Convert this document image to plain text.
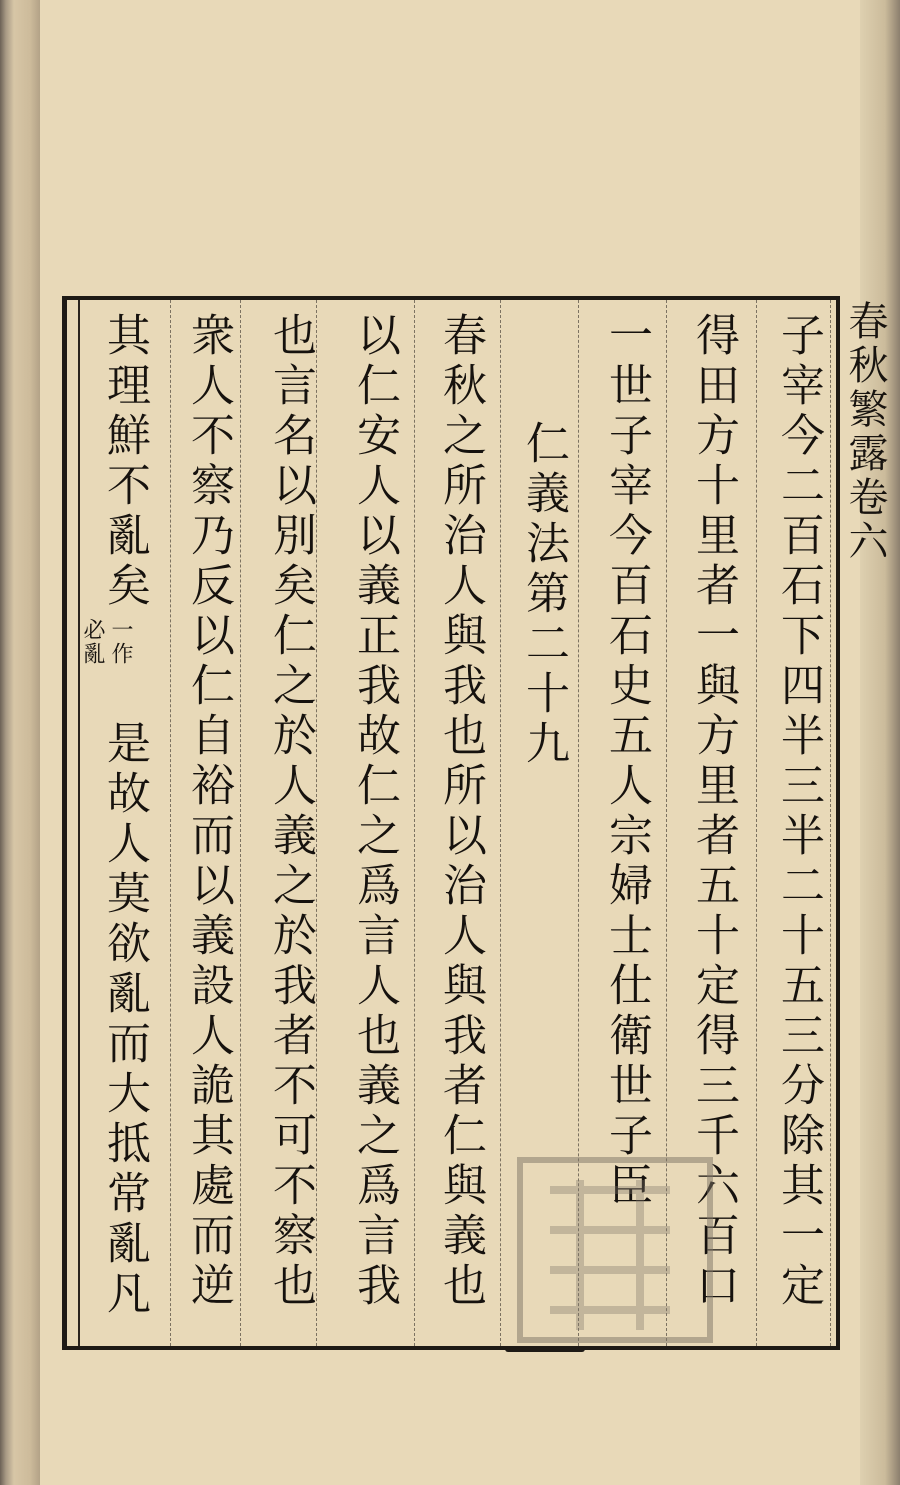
春秋繁露卷六
子宰今二百石下四半三半二十五三分除其一定
得田方十里者一與方里者五十定得三千六百口
一世子宰今百石史五人宗婦士仕衛世子臣
仁義法第二十九
春秋之所治人與我也所以治人與我者仁與義也
以仁安人以義正我故仁之爲言人也義之爲言我
也言名以別矣仁之於人義之於我者不可不察也
衆人不察乃反以仁自裕而以義設人詭其處而逆
其理鮮不亂矣
必亂 一作
是故人莫欲亂而大抵常亂凡
